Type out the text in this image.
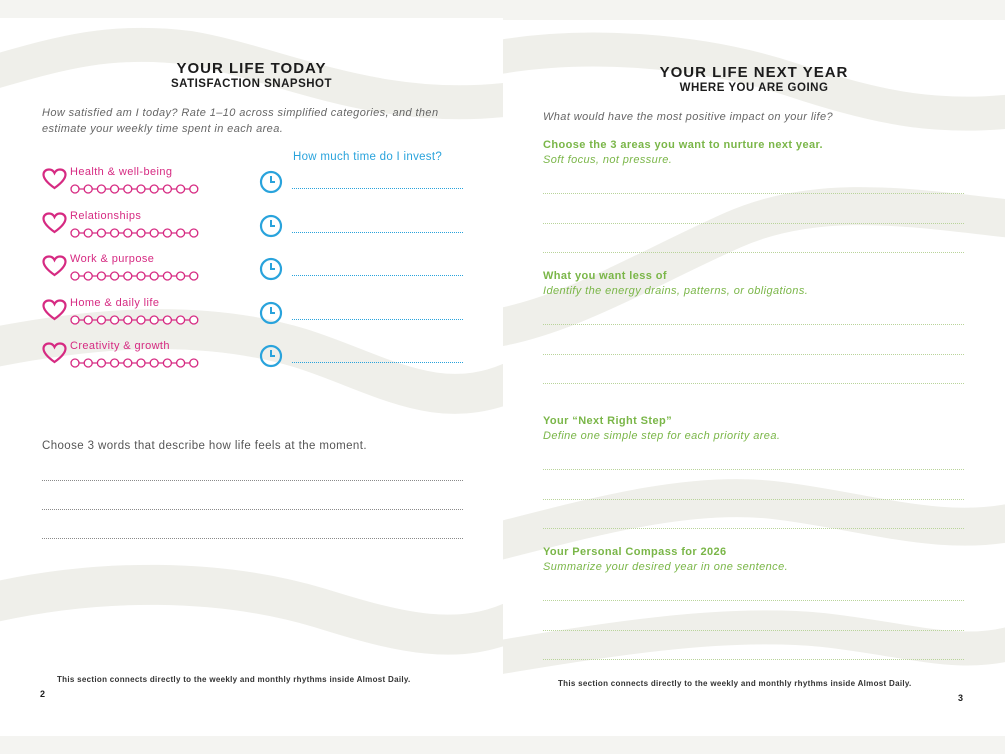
YOUR LIFE TODAY
SATISFACTION SNAPSHOT
How satisfied am I today? Rate 1–10 across simplified categories, and then
estimate your weekly time spent in each area.
How much time do I invest?
Health & well-being
Relationships
Work & purpose
Home & daily life
Creativity & growth
Choose 3 words that describe how life feels at the moment.
This section connects directly to the weekly and monthly rhythms inside Almost Daily.
2
YOUR LIFE NEXT YEAR
WHERE YOU ARE GOING
What would have the most positive impact on your life?
Choose the 3 areas you want to nurture next year.
Soft focus, not pressure.
What you want less of
Identify the energy drains, patterns, or obligations.
Your “Next Right Step”
Define one simple step for each priority area.
Your Personal Compass for 2026
Summarize your desired year in one sentence.
This section connects directly to the weekly and monthly rhythms inside Almost Daily.
3
